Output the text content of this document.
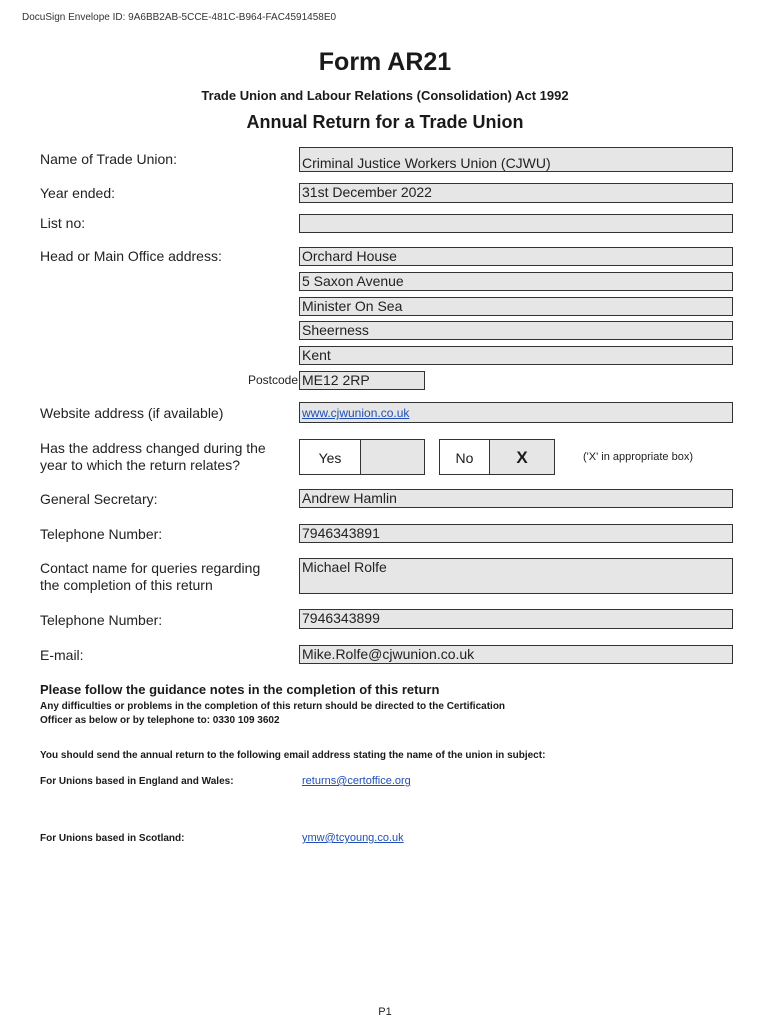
DocuSign Envelope ID: 9A6BB2AB-5CCE-481C-B964-FAC4591458E0
Form AR21
Trade Union and Labour Relations (Consolidation) Act 1992
Annual Return for a Trade Union
Name of Trade Union:	Criminal Justice Workers Union (CJWU)
Year ended:	31st December 2022
List no:
Head or Main Office address:	Orchard House
5 Saxon Avenue
Minister On Sea
Sheerness
Kent
Postcode ME12 2RP
Website address (if available)	www.cjwunion.co.uk
Has the address changed during the
year to which the return relates?	Yes	No	X	('X' in appropriate box)
General Secretary:	Andrew Hamlin
Telephone Number:	7946343891
Contact name for queries regarding
the completion of this return
Michael Rolfe
Telephone Number:	7946343899
E-mail:	Mike.Rolfe@cjwunion.co.uk
Please follow the guidance notes in the completion of this return
Any difficulties or problems in the completion of this return should be directed to the Certification
Officer as below or by telephone to: 0330 109 3602
You should send the annual return to the following email address stating the name of the union in subject:
For Unions based in England and Wales:	returns@certoffice.org
For Unions based in Scotland:	ymw@tcyoung.co.uk
P1
